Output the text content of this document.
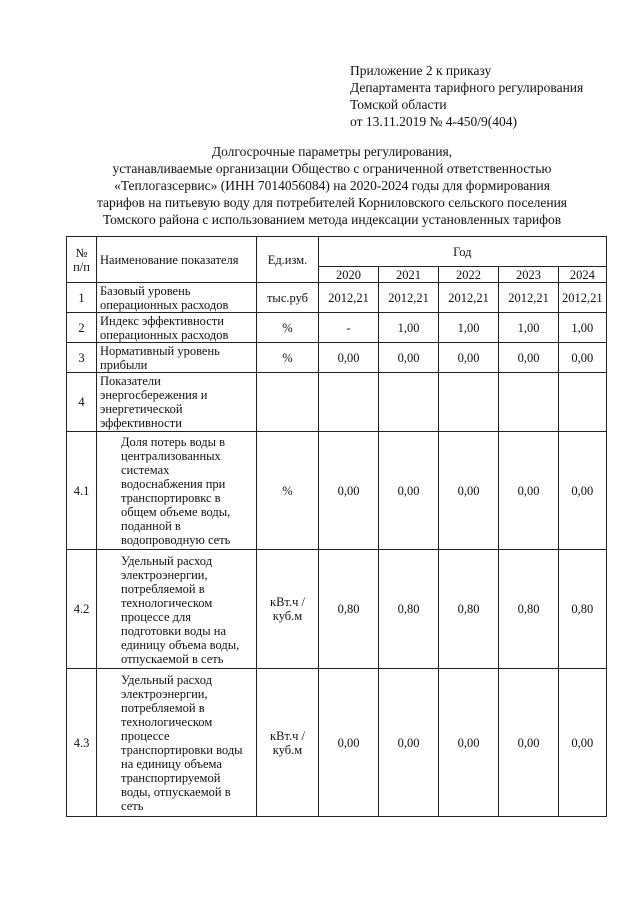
Приложение 2 к приказу
Департамента тарифного регулирования
Томской области
от 13.11.2019 № 4-450/9(404)
Долгосрочные параметры регулирования,
устанавливаемые организации Общество с ограниченной ответственностью
«Теплогазсервис» (ИНН 7014056084) на 2020-2024 годы для формирования
тарифов на питьевую воду для потребителей Корниловского сельского поселения
Томского района с использованием метода индексации установленных тарифов
№ п/п	Наименование показателя	Ед.изм.	Год				
			2020	2021	2022	2023	2024
1	Базовый уровень операционных расходов	тыс.руб	2012,21	2012,21	2012,21	2012,21	2012,21
2	Индекс эффективности операционных расходов	%	-	1,00	1,00	1,00	1,00
3	Нормативный уровень прибыли	%	0,00	0,00	0,00	0,00	0,00
4	Показатели энергосбережения и энергетической эффективности						
4.1	Доля потерь воды в централизованных системах водоснабжения при транспортировкс в общем объеме воды, поданной в водопроводную сеть	%	0,00	0,00	0,00	0,00	0,00
4.2	Удельный расход электроэнергии, потребляемой в технологическом процессе для подготовки воды на единицу объема воды, отпускаемой в сеть	кВт.ч / куб.м	0,80	0,80	0,80	0,80	0,80
4.3	Удельный расход электроэнергии, потребляемой в технологическом процессе транспортировки воды на единицу объема транспортируемой воды, отпускаемой в сеть	кВт.ч / куб.м	0,00	0,00	0,00	0,00	0,00
